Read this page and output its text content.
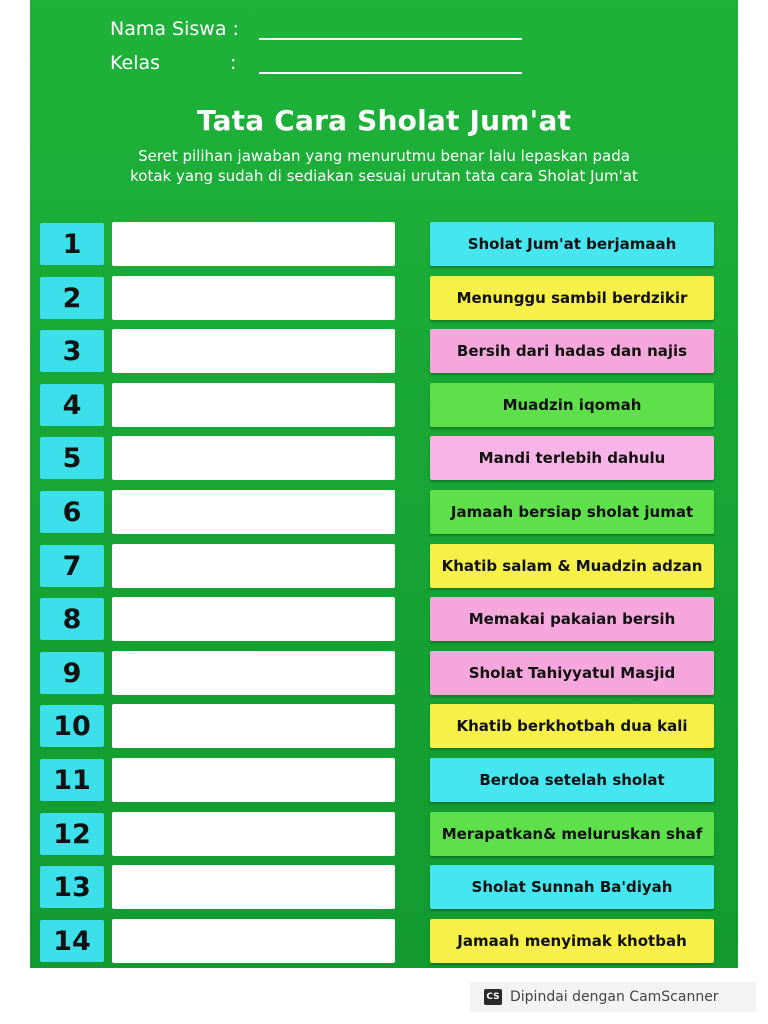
Nama Siswa :
Kelas	:
Tata Cara Sholat Jum'at
Seret pilihan jawaban yang menurutmu benar lalu lepaskan pada
kotak yang sudah di sediakan sesuai urutan tata cara Sholat Jum'at
1	Sholat Jum'at berjamaah
2	Menunggu sambil berdzikir
3	Bersih dari hadas dan najis
4	Muadzin iqomah
5	Mandi terlebih dahulu
6	Jamaah bersiap sholat jumat
7	Khatib salam & Muadzin adzan
8	Memakai pakaian bersih
9	Sholat Tahiyyatul Masjid
10	Khatib berkhotbah dua kali
11	Berdoa setelah sholat
12	Merapatkan& meluruskan shaf
13	Sholat Sunnah Ba'diyah
14	Jamaah menyimak khotbah
CS Dipindai dengan CamScanner
